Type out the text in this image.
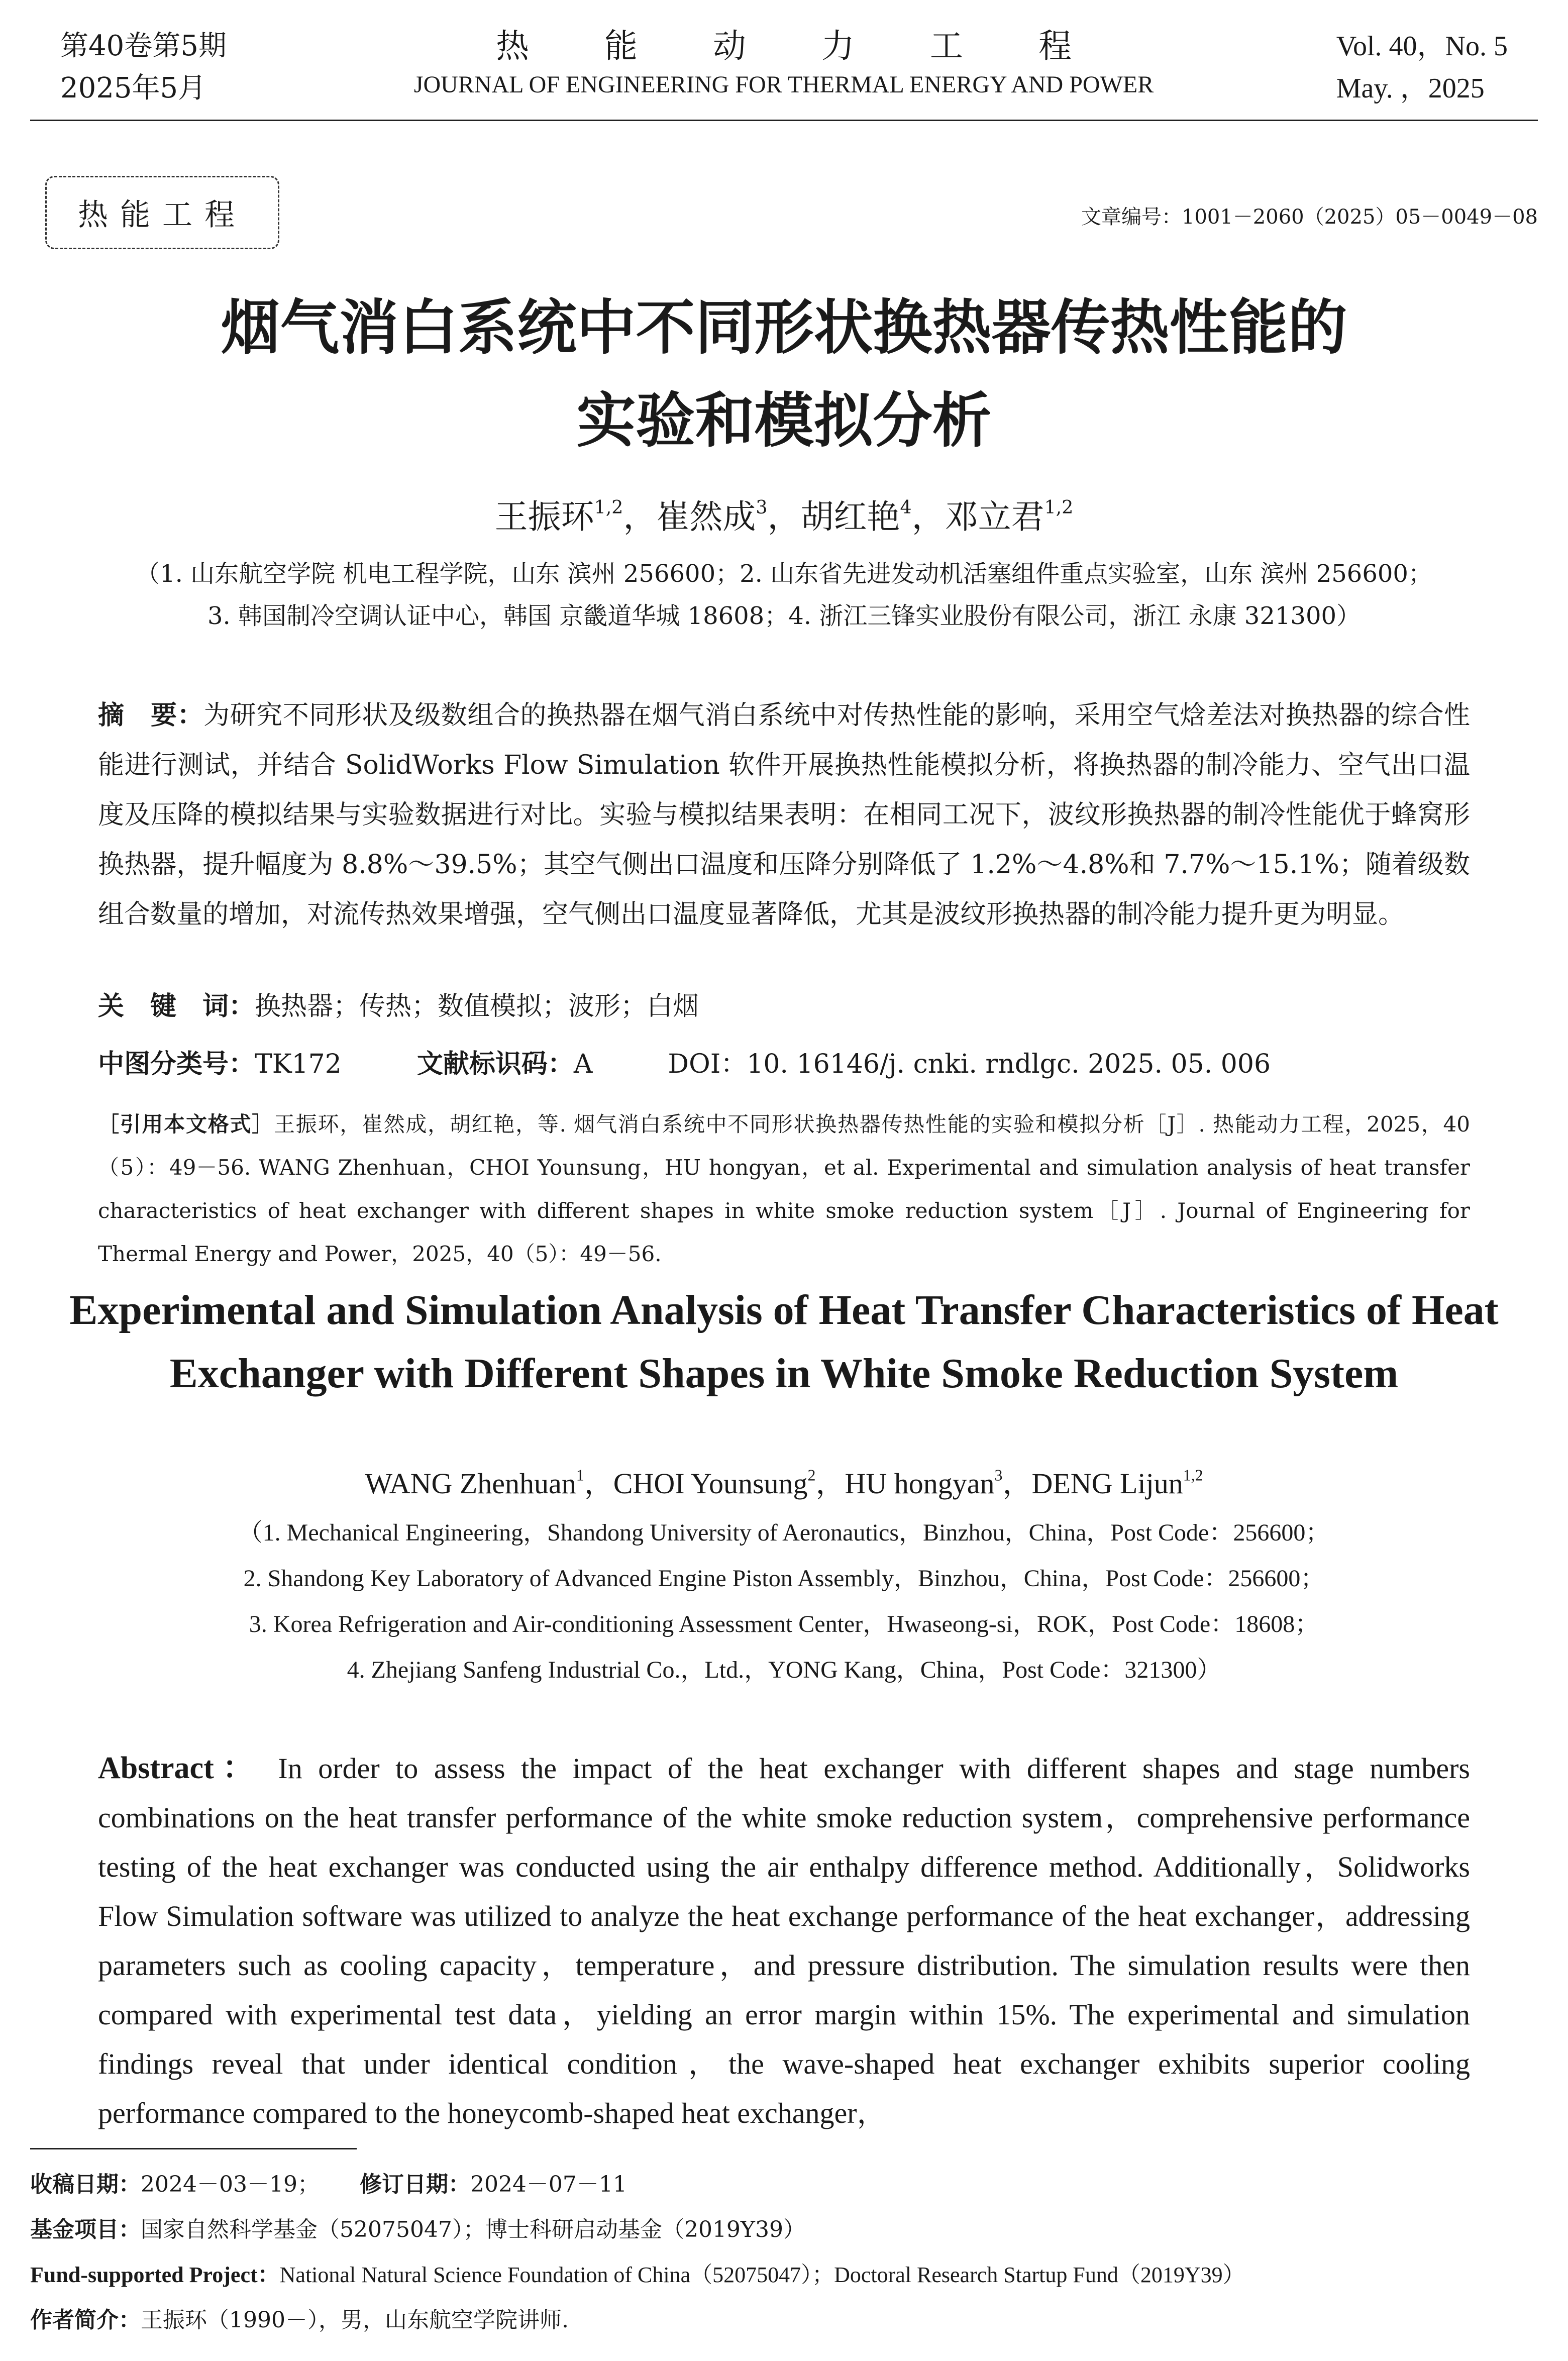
第40卷第5期
2025年5月
热能动力工程
JOURNAL OF ENGINEERING FOR THERMAL ENERGY AND POWER
Vol. 40，No. 5
May. ，2025
热能工程	文章编号：1001－2060（2025）05－0049－08
烟气消白系统中不同形状换热器传热性能的
实验和模拟分析
王振环$^{1,2}$，崔然成$^3$，胡红艳$^4$，邓立君$^{1,2}$
（1. 山东航空学院 机电工程学院，山东 滨州 256600；2. 山东省先进发动机活塞组件重点实验室，山东 滨州 256600；
3. 韩国制冷空调认证中心，韩国 京畿道华城 18608；4. 浙江三锋实业股份有限公司，浙江 永康 321300）
摘　要：为研究不同形状及级数组合的换热器在烟气消白系统中对传热性能的影响，采用空气焓差法对换热器的综合性能进行测试，并结合 SolidWorks Flow Simulation 软件开展换热性能模拟分析，将换热器的制冷能力、空气出口温度及压降的模拟结果与实验数据进行对比。实验与模拟结果表明：在相同工况下，波纹形换热器的制冷性能优于蜂窝形换热器，提升幅度为 8.8%～39.5%；其空气侧出口温度和压降分别降低了 1.2%～4.8%和 7.7%～15.1%；随着级数组合数量的增加，对流传热效果增强，空气侧出口温度显著降低，尤其是波纹形换热器的制冷能力提升更为明显。
关　键　词：换热器；传热；数值模拟；波形；白烟
中图分类号：TK172	文献标识码：A	DOI：10. 16146/j. cnki. rndlgc. 2025. 05. 006
［引用本文格式］王振环，崔然成，胡红艳，等. 烟气消白系统中不同形状换热器传热性能的实验和模拟分析［J］. 热能动力工程，2025，40（5）：49－56. WANG Zhenhuan，CHOI Younsung，HU hongyan，et al. Experimental and simulation analysis of heat transfer characteristics of heat exchanger with different shapes in white smoke reduction system［J］. Journal of Engineering for Thermal Energy and Power，2025，40（5）：49－56.
Experimental and Simulation Analysis of Heat Transfer Characteristics of Heat
Exchanger with Different Shapes in White Smoke Reduction System
WANG Zhenhuan$^1$，CHOI Younsung$^2$，HU hongyan$^3$，DENG Lijun$^{1,2}$
（1. Mechanical Engineering，Shandong University of Aeronautics，Binzhou，China，Post Code：256600；
2. Shandong Key Laboratory of Advanced Engine Piston Assembly，Binzhou，China，Post Code：256600；
3. Korea Refrigeration and Air-conditioning Assessment Center，Hwaseong-si，ROK，Post Code：18608；
4. Zhejiang Sanfeng Industrial Co.，Ltd.，YONG Kang，China，Post Code：321300）
Abstract： In order to assess the impact of the heat exchanger with different shapes and stage numbers combinations on the heat transfer performance of the white smoke reduction system，comprehensive performance testing of the heat exchanger was conducted using the air enthalpy difference method. Additionally，Solidworks Flow Simulation software was utilized to analyze the heat exchange performance of the heat exchanger，addressing parameters such as cooling capacity，temperature，and pressure distribution. The simulation results were then compared with experimental test data，yielding an error margin within 15%. The experimental and simulation findings reveal that under identical condition，the wave-shaped heat exchanger exhibits superior cooling performance compared to the honeycomb-shaped heat exchanger，
收稿日期：2024－03－19； 修订日期：2024－07－11
基金项目：国家自然科学基金（52075047）；博士科研启动基金（2019Y39）
Fund-supported Project：National Natural Science Foundation of China（52075047）；Doctoral Research Startup Fund（2019Y39）
作者简介：王振环（1990－），男，山东航空学院讲师.
